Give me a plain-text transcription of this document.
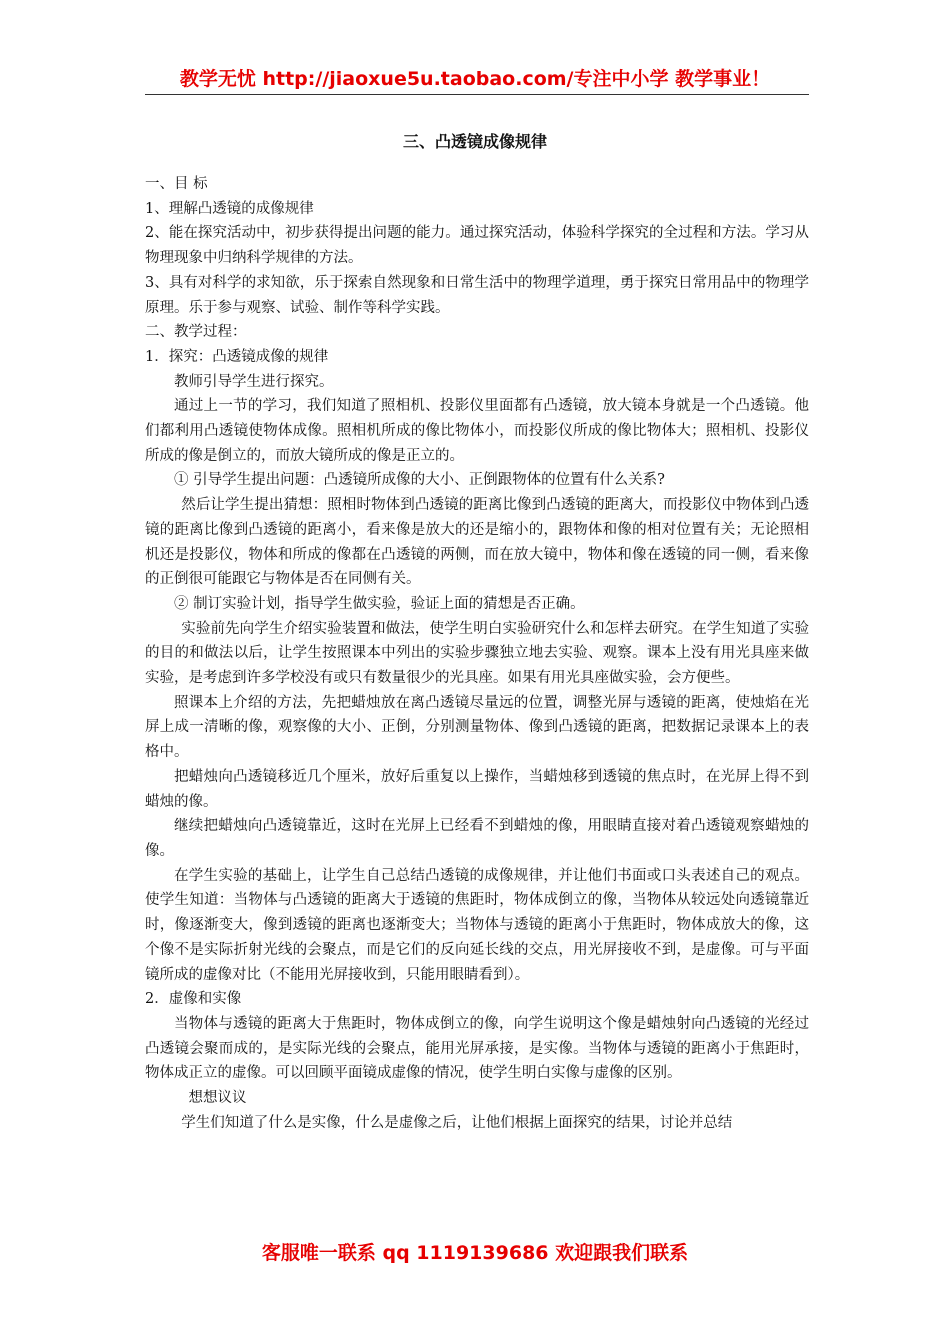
教学无忧 http://jiaoxue5u.taobao.com/专注中小学 教学事业！
三、凸透镜成像规律

一、目 标

1、理解凸透镜的成像规律

2、能在探究活动中，初步获得提出问题的能力。通过探究活动，体验科学探究的全过程和方法。学习从物理现象中归纳科学规律的方法。

3、具有对科学的求知欲，乐于探索自然现象和日常生活中的物理学道理，勇于探究日常用品中的物理学原理。乐于参与观察、试验、制作等科学实践。

二、教学过程：

1．探究：凸透镜成像的规律

教师引导学生进行探究。

通过上一节的学习，我们知道了照相机、投影仪里面都有凸透镜，放大镜本身就是一个凸透镜。他们都利用凸透镜使物体成像。照相机所成的像比物体小，而投影仪所成的像比物体大；照相机、投影仪所成的像是倒立的，而放大镜所成的像是正立的。

① 引导学生提出问题：凸透镜所成像的大小、正倒跟物体的位置有什么关系?

然后让学生提出猜想：照相时物体到凸透镜的距离比像到凸透镜的距离大，而投影仪中物体到凸透镜的距离比像到凸透镜的距离小，看来像是放大的还是缩小的，跟物体和像的相对位置有关；无论照相机还是投影仪，物体和所成的像都在凸透镜的两侧，而在放大镜中，物体和像在透镜的同一侧，看来像的正倒很可能跟它与物体是否在同侧有关。

② 制订实验计划，指导学生做实验，验证上面的猜想是否正确。

实验前先向学生介绍实验装置和做法，使学生明白实验研究什么和怎样去研究。在学生知道了实验的目的和做法以后，让学生按照课本中列出的实验步骤独立地去实验、观察。课本上没有用光具座来做实验，是考虑到许多学校没有或只有数量很少的光具座。如果有用光具座做实验，会方便些。

照课本上介绍的方法，先把蜡烛放在离凸透镜尽量远的位置，调整光屏与透镜的距离，使烛焰在光屏上成一清晰的像，观察像的大小、正倒，分别测量物体、像到凸透镜的距离，把数据记录课本上的表格中。

把蜡烛向凸透镜移近几个厘米，放好后重复以上操作，当蜡烛移到透镜的焦点时，在光屏上得不到蜡烛的像。

继续把蜡烛向凸透镜靠近，这时在光屏上已经看不到蜡烛的像，用眼睛直接对着凸透镜观察蜡烛的像。

在学生实验的基础上，让学生自己总结凸透镜的成像规律，并让他们书面或口头表述自己的观点。使学生知道：当物体与凸透镜的距离大于透镜的焦距时，物体成倒立的像，当物体从较远处向透镜靠近时，像逐渐变大，像到透镜的距离也逐渐变大；当物体与透镜的距离小于焦距时，物体成放大的像，这个像不是实际折射光线的会聚点，而是它们的反向延长线的交点，用光屏接收不到，是虚像。可与平面镜所成的虚像对比（不能用光屏接收到，只能用眼睛看到）。

2．虚像和实像

当物体与透镜的距离大于焦距时，物体成倒立的像，向学生说明这个像是蜡烛射向凸透镜的光经过凸透镜会聚而成的，是实际光线的会聚点，能用光屏承接，是实像。当物体与透镜的距离小于焦距时，物体成正立的虚像。可以回顾平面镜成虚像的情况，使学生明白实像与虚像的区别。

想想议议

学生们知道了什么是实像，什么是虚像之后，让他们根据上面探究的结果，讨论并总结

客服唯一联系 qq 1119139686 欢迎跟我们联系
